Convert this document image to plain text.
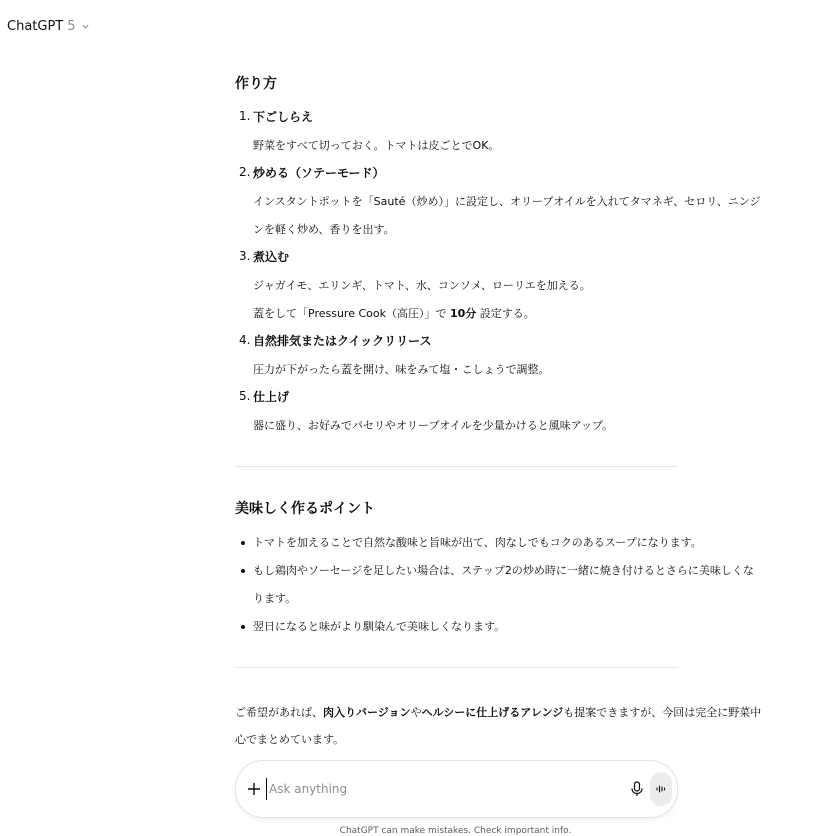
ChatGPT 5
作り方
1. 下ごしらえ
野菜をすべて切っておく。トマトは皮ごとでOK。
2. 炒める（ソテーモード）
インスタントポットを「Sauté（炒め）」に設定し、オリーブオイルを入れてタマネギ、セロリ、ニンジ
ンを軽く炒め、香りを出す。
3. 煮込む
ジャガイモ、エリンギ、トマト、水、コンソメ、ローリエを加える。
蓋をして「Pressure Cook（高圧）」で 10分 設定する。
4. 自然排気またはクイックリリース
圧力が下がったら蓋を開け、味をみて塩・こしょうで調整。
5. 仕上げ
器に盛り、お好みでパセリやオリーブオイルを少量かけると風味アップ。
美味しく作るポイント
トマトを加えることで自然な酸味と旨味が出て、肉なしでもコクのあるスープになります。
もし鶏肉やソーセージを足したい場合は、ステップ2の炒め時に一緒に焼き付けるとさらに美味しくな
ります。
翌日になると味がより馴染んで美味しくなります。
ご希望があれば、肉入りバージョンやヘルシーに仕上げるアレンジも提案できますが、今回は完全に野菜中
心でまとめています。
Ask anything
ChatGPT can make mistakes. Check important info.
